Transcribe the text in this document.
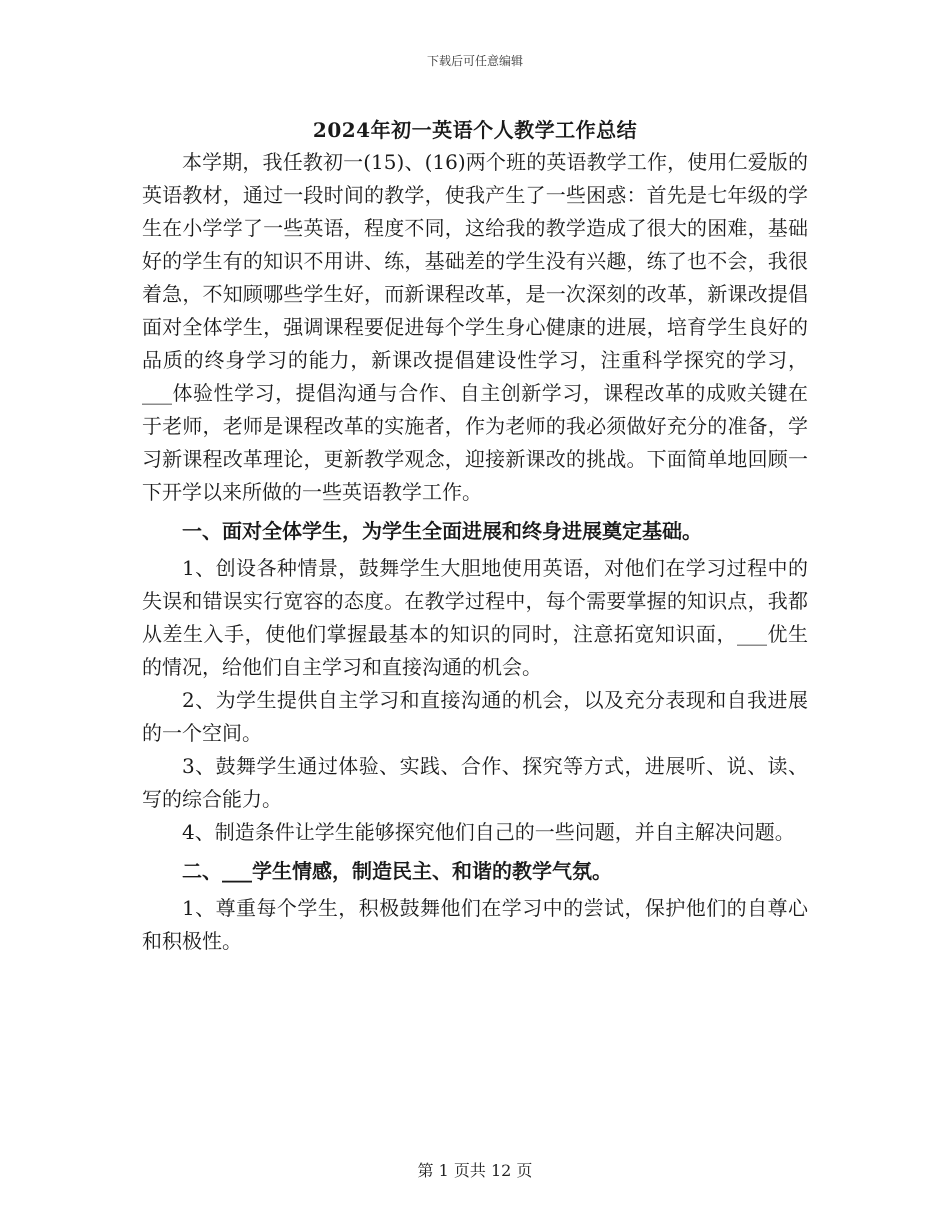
下载后可任意编辑
2024年初一英语个人教学工作总结

本学期，我任教初一(15)、(16)两个班的英语教学工作，使用仁爱版的英语教材，通过一段时间的教学，使我产生了一些困惑：首先是七年级的学生在小学学了一些英语，程度不同，这给我的教学造成了很大的困难，基础好的学生有的知识不用讲、练，基础差的学生没有兴趣，练了也不会，我很着急，不知顾哪些学生好，而新课程改革，是一次深刻的改革，新课改提倡面对全体学生，强调课程要促进每个学生身心健康的进展，培育学生良好的品质的终身学习的能力，新课改提倡建设性学习，注重科学探究的学习，___体验性学习，提倡沟通与合作、自主创新学习，课程改革的成败关键在于老师，老师是课程改革的实施者，作为老师的我必须做好充分的准备，学习新课程改革理论，更新教学观念，迎接新课改的挑战。下面简单地回顾一下开学以来所做的一些英语教学工作。

一、面对全体学生，为学生全面进展和终身进展奠定基础。

1、创设各种情景，鼓舞学生大胆地使用英语，对他们在学习过程中的失误和错误实行宽容的态度。在教学过程中，每个需要掌握的知识点，我都从差生入手，使他们掌握最基本的知识的同时，注意拓宽知识面，___优生的情况，给他们自主学习和直接沟通的机会。

2、为学生提供自主学习和直接沟通的机会，以及充分表现和自我进展的一个空间。

3、鼓舞学生通过体验、实践、合作、探究等方式，进展听、说、读、写的综合能力。

4、制造条件让学生能够探究他们自己的一些问题，并自主解决问题。

二、___学生情感，制造民主、和谐的教学气氛。

1、尊重每个学生，积极鼓舞他们在学习中的尝试，保护他们的自尊心和积极性。

第 1 页共 12 页
